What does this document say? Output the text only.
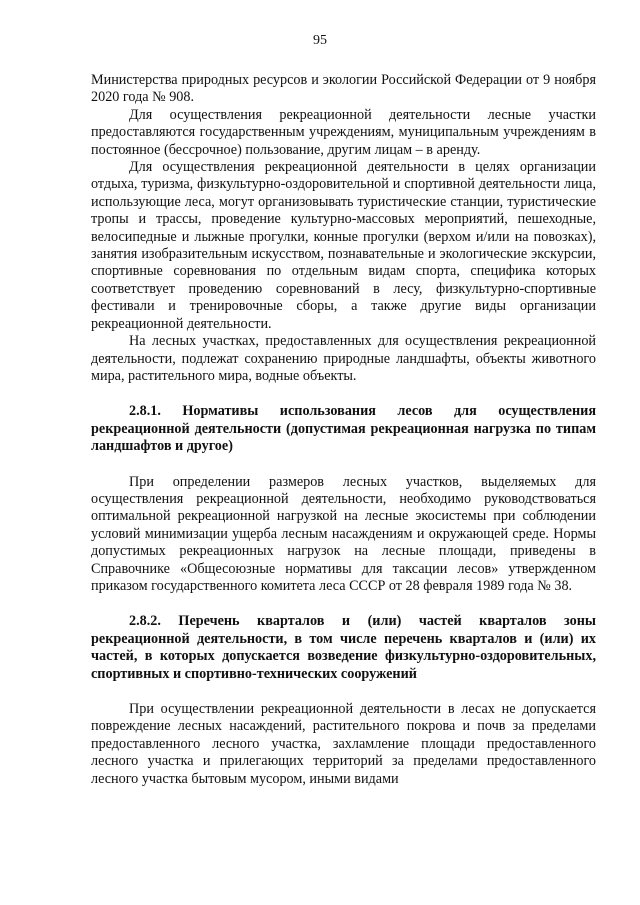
95

Министерства природных ресурсов и экологии Российской Федерации от 9 ноября 2020 года № 908.

Для осуществления рекреационной деятельности лесные участки предоставляются государственным учреждениям, муниципальным учреждениям в постоянное (бессрочное) пользование, другим лицам – в аренду.

Для осуществления рекреационной деятельности в целях организации отдыха, туризма, физкультурно-оздоровительной и спортивной деятельности лица, использующие леса, могут организовывать туристические станции, туристические тропы и трассы, проведение культурно-массовых мероприятий, пешеходные, велосипедные и лыжные прогулки, конные прогулки (верхом и/или на повозках), занятия изобразительным искусством, познавательные и экологические экскурсии, спортивные соревнования по отдельным видам спорта, специфика которых соответствует проведению соревнований в лесу, физкультурно-спортивные фестивали и тренировочные сборы, а также другие виды организации рекреационной деятельности.

На лесных участках, предоставленных для осуществления рекреационной деятельности, подлежат сохранению природные ландшафты, объекты животного мира, растительного мира, водные объекты.

2.8.1. Нормативы использования лесов для осуществления рекреационной деятельности (допустимая рекреационная нагрузка по типам ландшафтов и другое)

При определении размеров лесных участков, выделяемых для осуществления рекреационной деятельности, необходимо руководствоваться оптимальной рекреационной нагрузкой на лесные экосистемы при соблюдении условий минимизации ущерба лесным насаждениям и окружающей среде. Нормы допустимых рекреационных нагрузок на лесные площади, приведены в Справочнике «Общесоюзные нормативы для таксации лесов» утвержденном приказом государственного комитета леса СССР от 28 февраля 1989 года № 38.

2.8.2. Перечень кварталов и (или) частей кварталов зоны рекреационной деятельности, в том числе перечень кварталов и (или) их частей, в которых допускается возведение физкультурно-оздоровительных, спортивных и спортивно-технических сооружений

При осуществлении рекреационной деятельности в лесах не допускается повреждение лесных насаждений, растительного покрова и почв за пределами предоставленного лесного участка, захламление площади предоставленного лесного участка и прилегающих территорий за пределами предоставленного лесного участка бытовым мусором, иными видами
